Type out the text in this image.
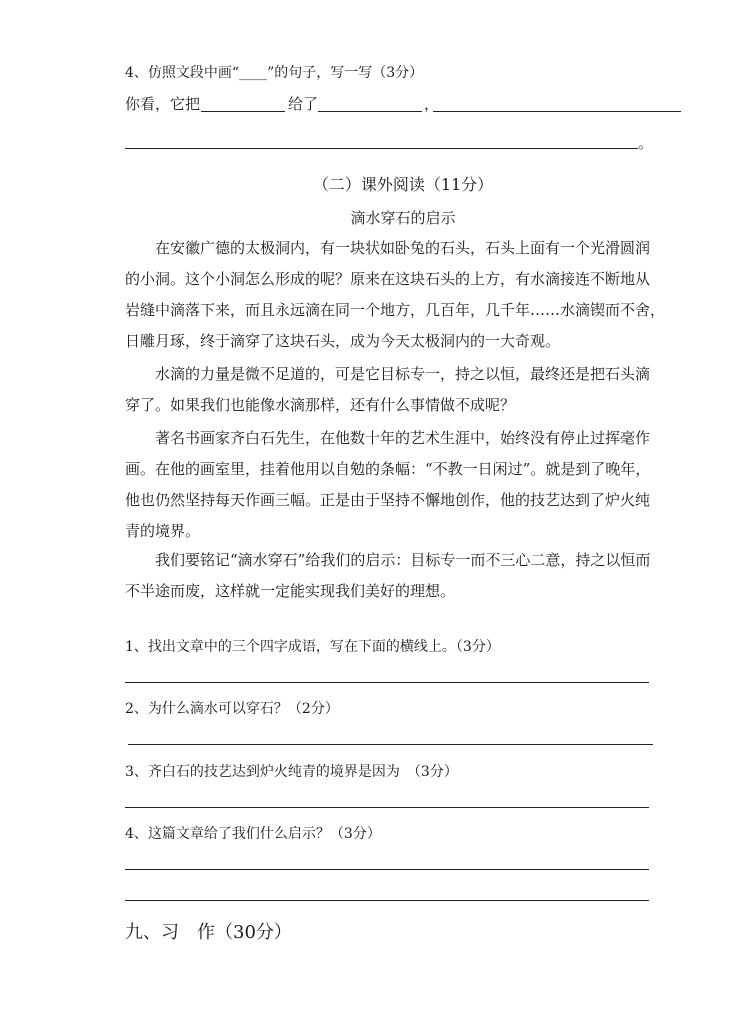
4、仿照文段中画“____”的句子，写一写（3分）
你看，它把	给了	，
。
（二）课外阅读（11分）
滴水穿石的启示
在安徽广德的太极洞内，有一块状如卧兔的石头，石头上面有一个光滑圆润
的小洞。这个小洞怎么形成的呢？原来在这块石头的上方，有水滴接连不断地从
岩缝中滴落下来，而且永远滴在同一个地方，几百年，几千年……水滴锲而不舍，
日雕月琢，终于滴穿了这块石头，成为今天太极洞内的一大奇观。
水滴的力量是微不足道的，可是它目标专一，持之以恒，最终还是把石头滴
穿了。如果我们也能像水滴那样，还有什么事情做不成呢？
著名书画家齐白石先生，在他数十年的艺术生涯中，始终没有停止过挥毫作
画。在他的画室里，挂着他用以自勉的条幅：“不教一日闲过”。就是到了晚年，
他也仍然坚持每天作画三幅。正是由于坚持不懈地创作，他的技艺达到了炉火纯
青的境界。
我们要铭记“滴水穿石”给我们的启示：目标专一而不三心二意，持之以恒而
不半途而废，这样就一定能实现我们美好的理想。
1、找出文章中的三个四字成语，写在下面的横线上。（3分）
2、为什么滴水可以穿石？（2分）
3、齐白石的技艺达到炉火纯青的境界是因为　（3分）
4、这篇文章给了我们什么启示？（3分）
九、习　作（30分）
